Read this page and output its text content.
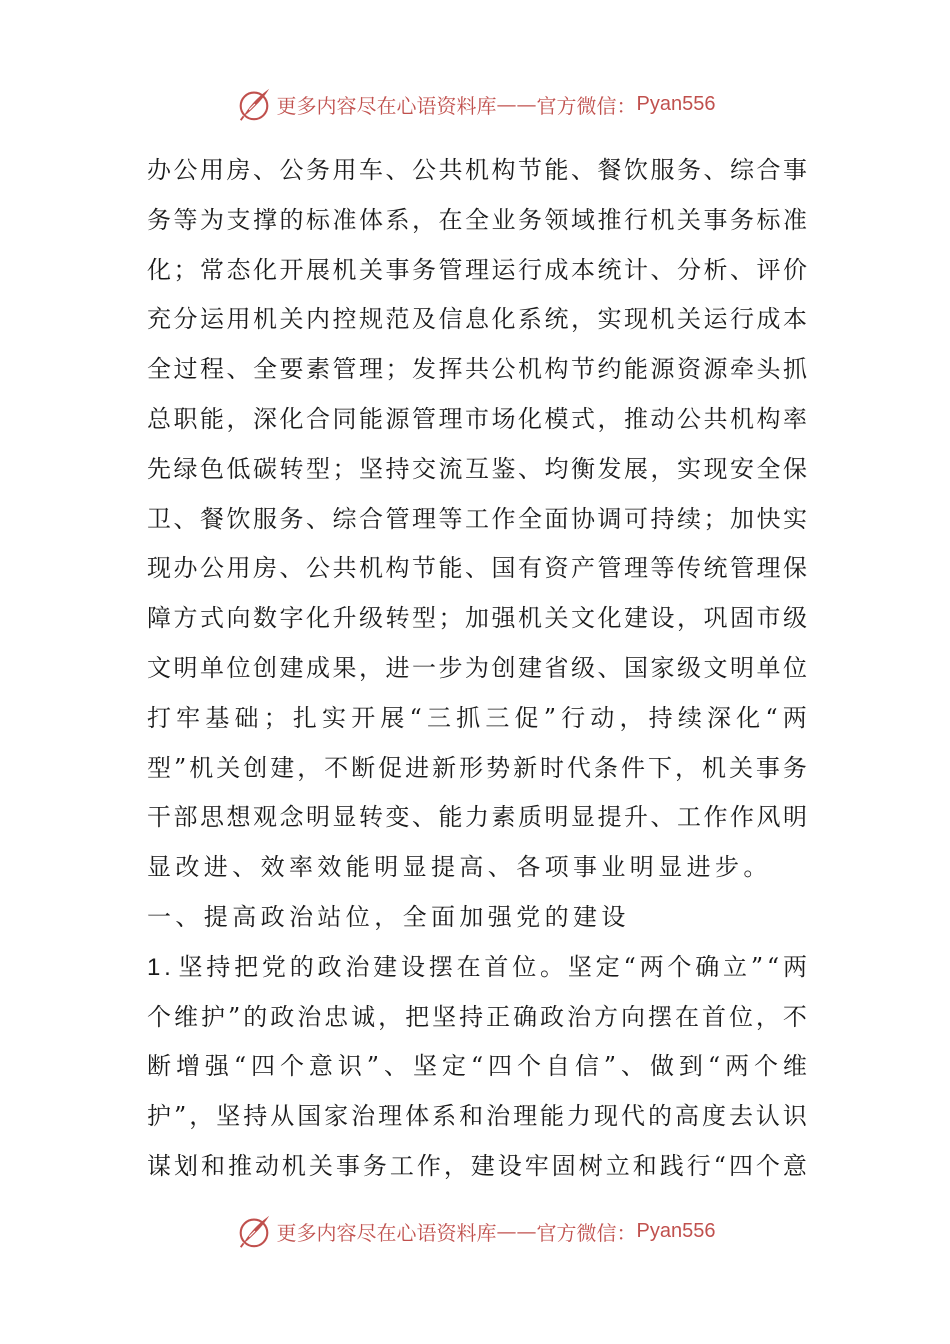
更多内容尽在心语资料库 —— 官方微信： Pyan556
办 公 用 房 、 公 务 用 车 、 公 共 机 构 节 能 、 餐 饮 服 务 、 综 合 事
务 等 为 支 撑 的 标 准 体 系 ， 在 全 业 务 领 域 推 行 机 关 事 务 标 准
化 ； 常 态 化 开 展 机 关 事 务 管 理 运 行 成 本 统 计 、 分 析 、 评 价
充 分 运 用 机 关 内 控 规 范 及 信 息 化 系 统 ， 实 现 机 关 运 行 成 本
全 过 程 、 全 要 素 管 理 ； 发 挥 共 公 机 构 节 约 能 源 资 源 牵 头 抓
总 职 能 ， 深 化 合 同 能 源 管 理 市 场 化 模 式 ， 推 动 公 共 机 构 率
先 绿 色 低 碳 转 型 ； 坚 持 交 流 互 鉴 、 均 衡 发 展 ， 实 现 安 全 保
卫 、 餐 饮 服 务 、 综 合 管 理 等 工 作 全 面 协 调 可 持 续 ； 加 快 实
现 办 公 用 房 、 公 共 机 构 节 能 、 国 有 资 产 管 理 等 传 统 管 理 保
障 方 式 向 数 字 化 升 级 转 型 ； 加 强 机 关 文 化 建 设 ， 巩 固 市 级
文 明 单 位 创 建 成 果 ， 进 一 步 为 创 建 省 级 、 国 家 级 文 明 单 位
打 牢 基 础 ； 扎 实 开 展 “ 三 抓 三 促 ” 行 动 ， 持 续 深 化 “ 两
型 ” 机 关 创 建 ， 不 断 促 进 新 形 势 新 时 代 条 件 下 ， 机 关 事 务
干 部 思 想 观 念 明 显 转 变 、 能 力 素 质 明 显 提 升 、 工 作 作 风 明
显改进、效率效能明显提高、各项事业明显进步。
一、提高政治站位，全面加强党的建设
1 . 坚 持 把 党 的 政 治 建 设 摆 在 首 位 。 坚 定 “ 两 个 确 立 ” “ 两
个 维 护 ” 的 政 治 忠 诚 ， 把 坚 持 正 确 政 治 方 向 摆 在 首 位 ， 不
断 增 强 “ 四 个 意 识 ” 、 坚 定 “ 四 个 自 信 ” 、 做 到 “ 两 个 维
护 ” ， 坚 持 从 国 家 治 理 体 系 和 治 理 能 力 现 代 的 高 度 去 认 识
谋 划 和 推 动 机 关 事 务 工 作 ， 建 设 牢 固 树 立 和 践 行 “ 四 个 意
更多内容尽在心语资料库 —— 官方微信： Pyan556
